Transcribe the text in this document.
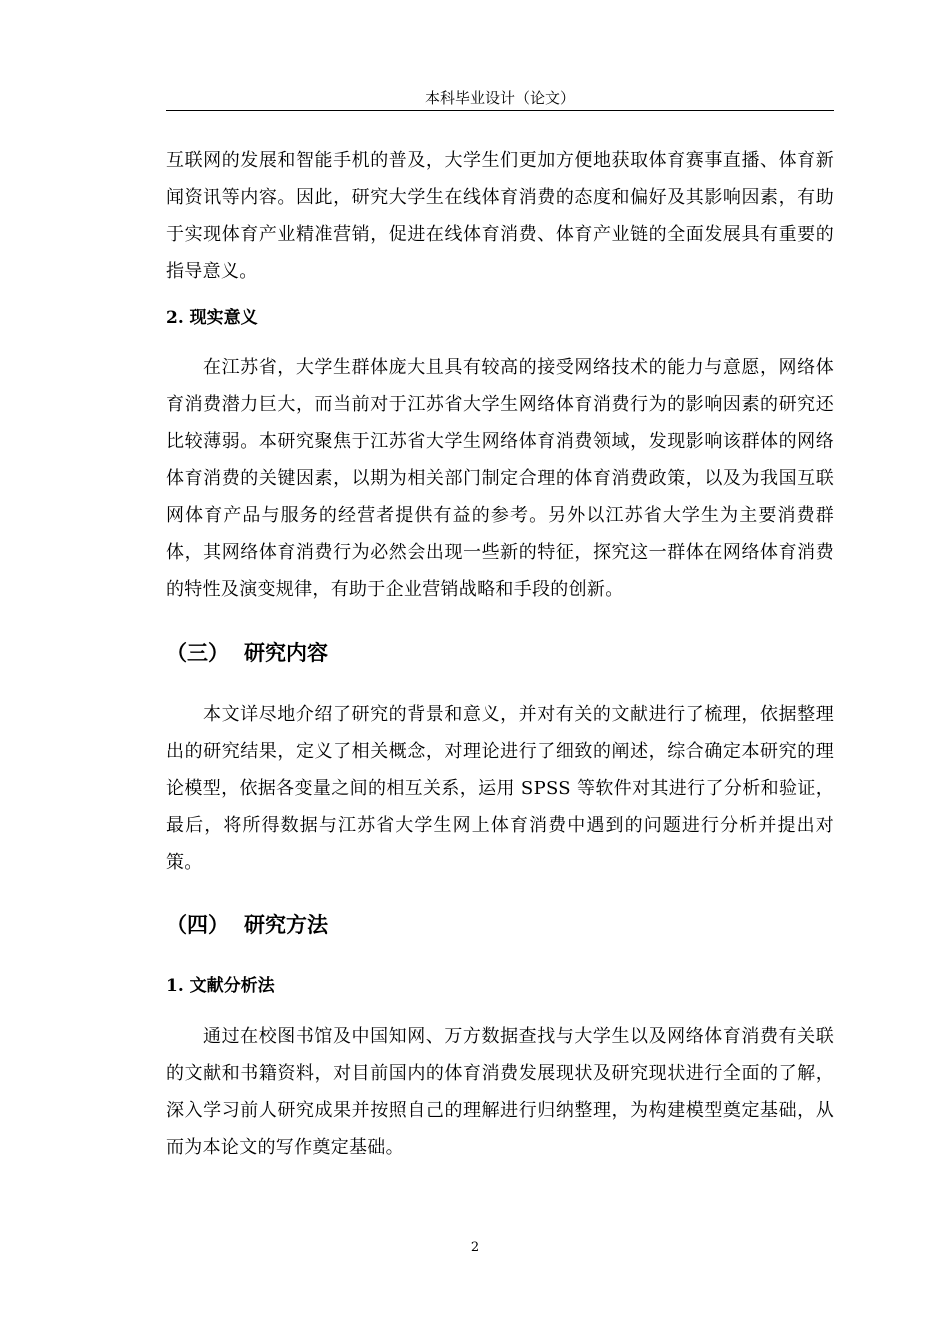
本科毕业设计（论文）

互联网的发展和智能手机的普及，大学生们更加方便地获取体育赛事直播、体育新闻资讯等内容。因此，研究大学生在线体育消费的态度和偏好及其影响因素，有助于实现体育产业精准营销，促进在线体育消费、体育产业链的全面发展具有重要的指导意义。

2. 现实意义

在江苏省，大学生群体庞大且具有较高的接受网络技术的能力与意愿，网络体育消费潜力巨大，而当前对于江苏省大学生网络体育消费行为的影响因素的研究还比较薄弱。本研究聚焦于江苏省大学生网络体育消费领域，发现影响该群体的网络体育消费的关键因素，以期为相关部门制定合理的体育消费政策，以及为我国互联网体育产品与服务的经营者提供有益的参考。另外以江苏省大学生为主要消费群体，其网络体育消费行为必然会出现一些新的特征，探究这一群体在网络体育消费的特性及演变规律，有助于企业营销战略和手段的创新。

（三） 研究内容

本文详尽地介绍了研究的背景和意义，并对有关的文献进行了梳理，依据整理出的研究结果，定义了相关概念，对理论进行了细致的阐述，综合确定本研究的理论模型，依据各变量之间的相互关系，运用 SPSS 等软件对其进行了分析和验证，最后，将所得数据与江苏省大学生网上体育消费中遇到的问题进行分析并提出对策。

（四） 研究方法
1. 文献分析法

通过在校图书馆及中国知网、万方数据查找与大学生以及网络体育消费有关联的文献和书籍资料，对目前国内的体育消费发展现状及研究现状进行全面的了解，深入学习前人研究成果并按照自己的理解进行归纳整理，为构建模型奠定基础，从而为本论文的写作奠定基础。

2
